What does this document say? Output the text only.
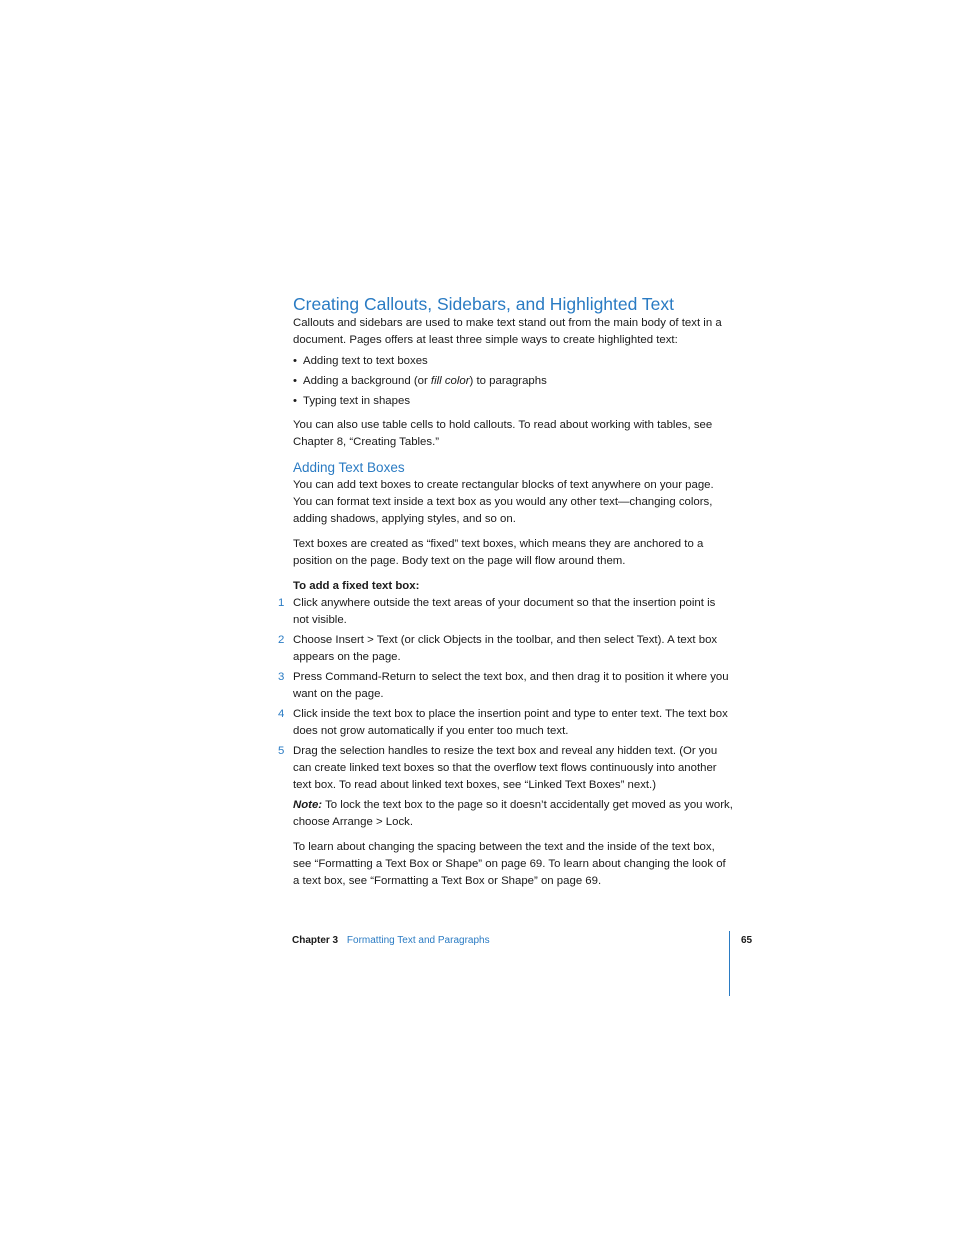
Creating Callouts, Sidebars, and Highlighted Text

Callouts and sidebars are used to make text stand out from the main body of text in a document. Pages offers at least three simple ways to create highlighted text:

• Adding text to text boxes
• Adding a background (or fill color) to paragraphs
• Typing text in shapes

You can also use table cells to hold callouts. To read about working with tables, see Chapter 8, “Creating Tables.”

Adding Text Boxes

You can add text boxes to create rectangular blocks of text anywhere on your page. You can format text inside a text box as you would any other text—changing colors, adding shadows, applying styles, and so on.

Text boxes are created as “fixed” text boxes, which means they are anchored to a position on the page. Body text on the page will flow around them.

To add a fixed text box:

1 Click anywhere outside the text areas of your document so that the insertion point is not visible.
2 Choose Insert > Text (or click Objects in the toolbar, and then select Text). A text box appears on the page.
3 Press Command-Return to select the text box, and then drag it to position it where you want on the page.
4 Click inside the text box to place the insertion point and type to enter text. The text box does not grow automatically if you enter too much text.
5 Drag the selection handles to resize the text box and reveal any hidden text. (Or you can create linked text boxes so that the overflow text flows continuously into another text box. To read about linked text boxes, see “Linked Text Boxes” next.)

Note: To lock the text box to the page so it doesn’t accidentally get moved as you work, choose Arrange > Lock.

To learn about changing the spacing between the text and the inside of the text box, see “Formatting a Text Box or Shape” on page 69. To learn about changing the look of a text box, see “Formatting a Text Box or Shape” on page 69.

Chapter 3 Formatting Text and Paragraphs	65
